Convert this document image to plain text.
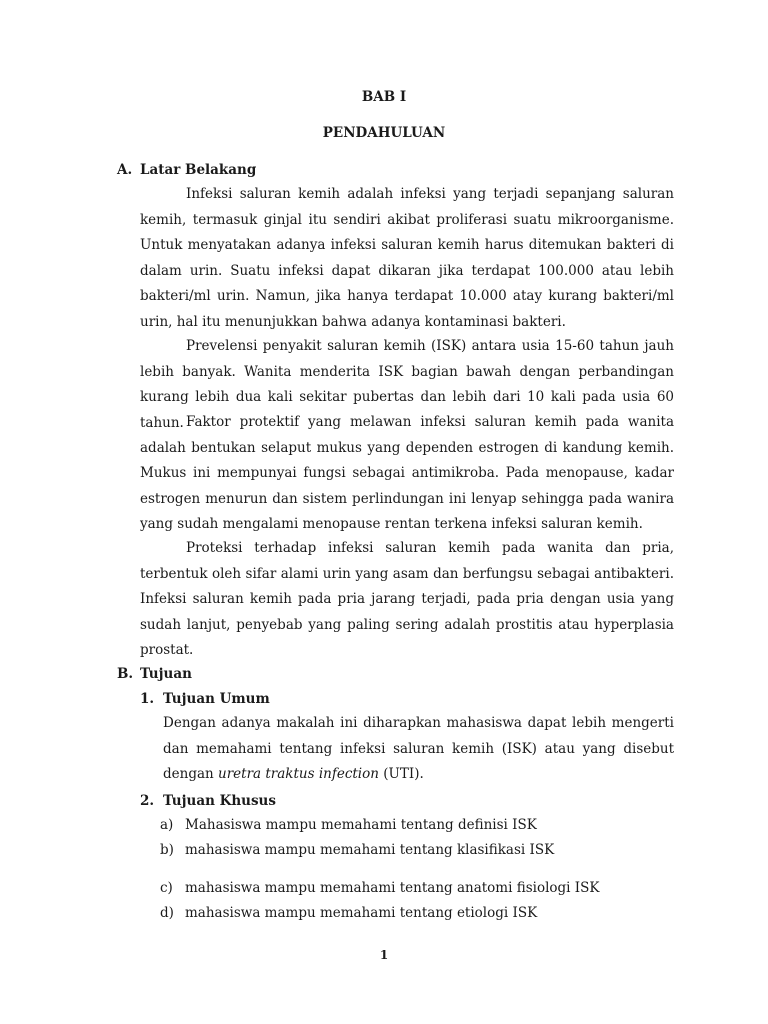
BAB I
PENDAHULUAN
A. Latar Belakang

Infeksi saluran kemih adalah infeksi yang terjadi sepanjang saluran kemih, termasuk ginjal itu sendiri akibat proliferasi suatu mikroorganisme. Untuk menyatakan adanya infeksi saluran kemih harus ditemukan bakteri di dalam urin. Suatu infeksi dapat dikaran jika terdapat 100.000 atau lebih bakteri/ml urin. Namun, jika hanya terdapat 10.000 atay kurang bakteri/ml urin, hal itu menunjukkan bahwa adanya kontaminasi bakteri.

Prevelensi penyakit saluran kemih (ISK) antara usia 15-60 tahun jauh lebih banyak. Wanita menderita ISK bagian bawah dengan perbandingan kurang lebih dua kali sekitar pubertas dan lebih dari 10 kali pada usia 60 tahun. Faktor protektif yang melawan infeksi saluran kemih pada wanita adalah bentukan selaput mukus yang dependen estrogen di kandung kemih. Mukus ini mempunyai fungsi sebagai antimikroba. Pada menopause, kadar estrogen menurun dan sistem perlindungan ini lenyap sehingga pada wanira yang sudah mengalami menopause rentan terkena infeksi saluran kemih.

Proteksi terhadap infeksi saluran kemih pada wanita dan pria, terbentuk oleh sifar alami urin yang asam dan berfungsu sebagai antibakteri. Infeksi saluran kemih pada pria jarang terjadi, pada pria dengan usia yang sudah lanjut, penyebab yang paling sering adalah prostitis atau hyperplasia prostat.

B. Tujuan
1. Tujuan Umum

Dengan adanya makalah ini diharapkan mahasiswa dapat lebih mengerti dan memahami tentang infeksi saluran kemih (ISK) atau yang disebut dengan uretra traktus infection (UTI).

2. Tujuan Khusus
a) Mahasiswa mampu memahami tentang definisi ISK
b) mahasiswa mampu memahami tentang klasifikasi ISK
c) mahasiswa mampu memahami tentang anatomi fisiologi ISK
d) mahasiswa mampu memahami tentang etiologi ISK
1
